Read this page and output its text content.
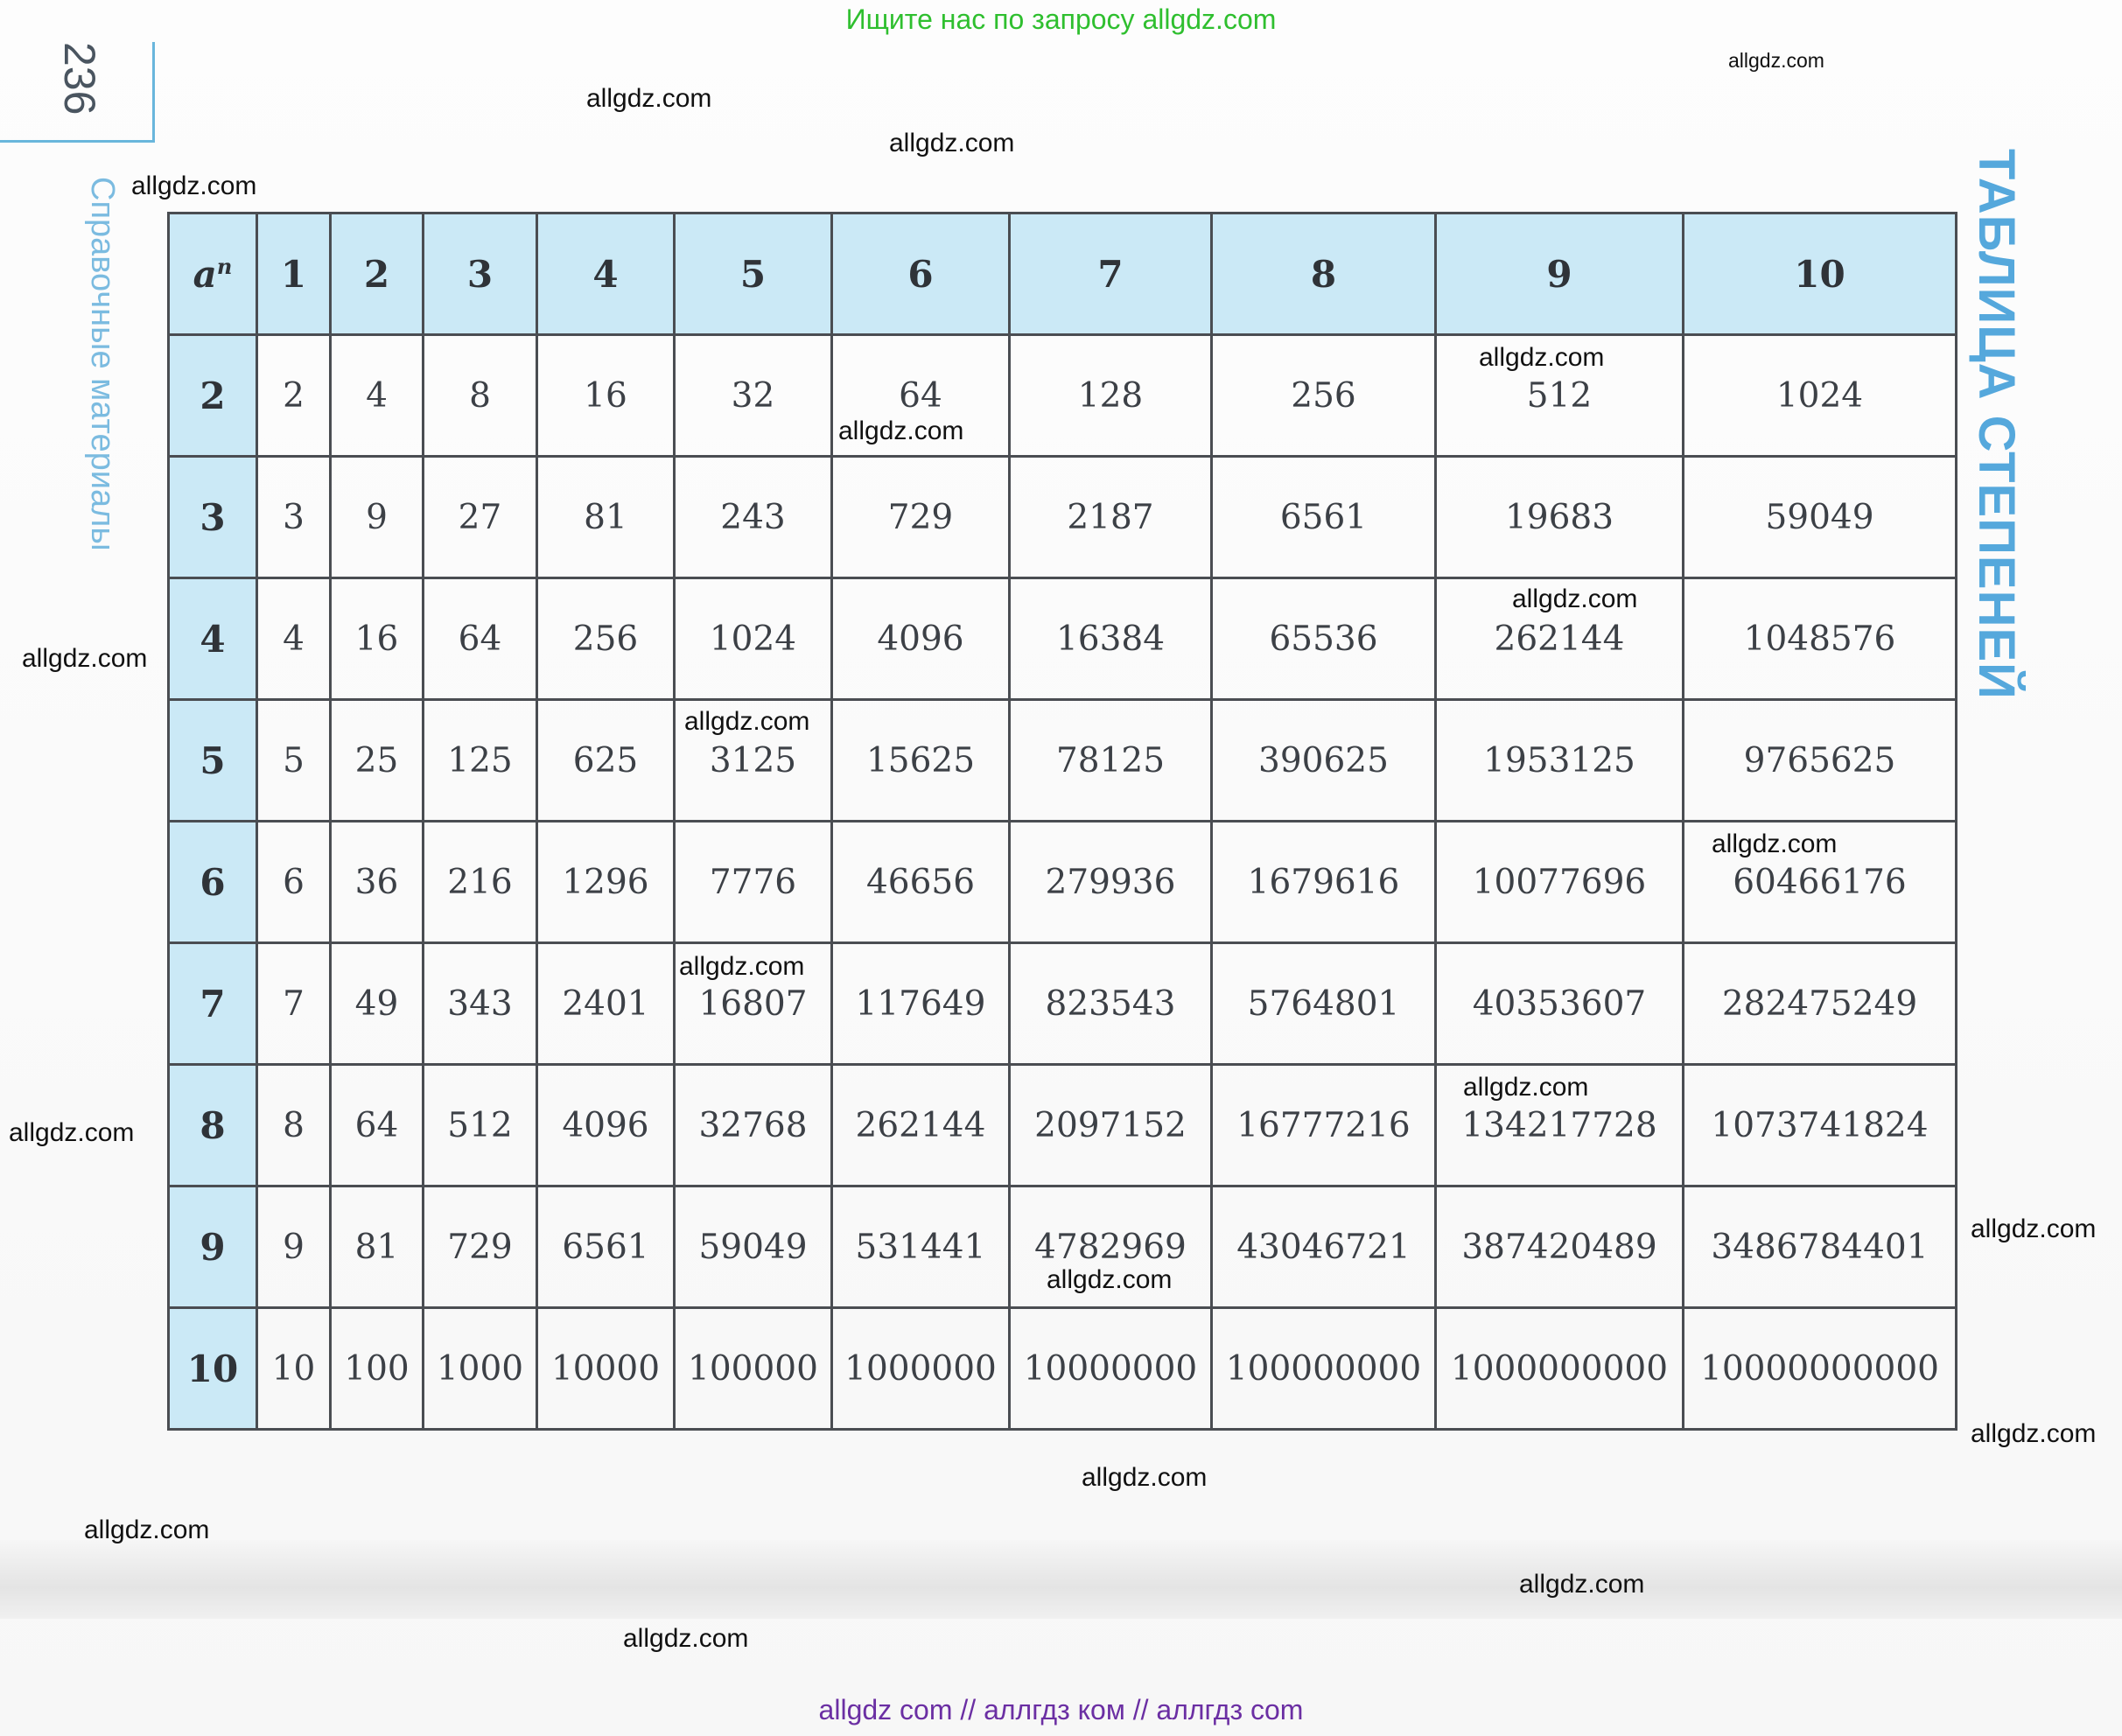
Ищите нас по запросу allgdz.com
236
Справочные материалы	ТАБЛИЦА СТЕПЕНЕЙ
$a^n$	1	2	3	4	5	6	7	8	9	10
2	2	4	8	16	32	64	128	256	512	1024
3	3	9	27	81	243	729	2187	6561	19683	59049
4	4	16	64	256	1024	4096	16384	65536	262144	1048576
5	5	25	125	625	3125	15625	78125	390625	1953125	9765625
6	6	36	216	1296	7776	46656	279936	1679616	10077696	60466176
7	7	49	343	2401	16807	117649	823543	5764801	40353607	282475249
8	8	64	512	4096	32768	262144	2097152	16777216	134217728	1073741824
9	9	81	729	6561	59049	531441	4782969	43046721	387420489	3486784401
10	10	100	1000	10000	100000	1000000	10000000	100000000	1000000000	10000000000
allgdz.com
allgdz.com
allgdz.com
allgdz.com
allgdz.com
allgdz.com
allgdz.com
allgdz.com
allgdz.com
allgdz.com
allgdz.com
allgdz.com
allgdz.com
allgdz.com
allgdz.com
allgdz.com
allgdz.com
allgdz.com
allgdz.com
allgdz.com
allgdz com // аллгдз ком // аллгдз com
